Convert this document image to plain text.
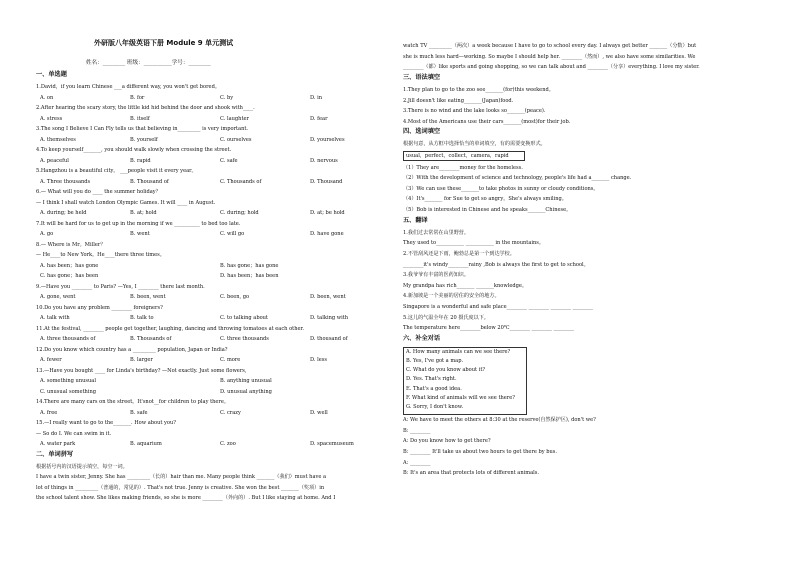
外研版八年级英语下册 Module 9 单元测试
姓名：________ 班级：__________学号：________
一、单选题
1.David，if you learn Chinese ___a different way, you won't get bored。
A. on	B. for	C. by	D. in
2.After hearing the scary story, the little kid hid behind the door and shook with____.
A. stress	B. itself	C. laughter	D. fear
3.The song I Believe I Can Fly tells us that believing in_________ is very important.
A. themselves	B. yourself	C. ourselves	D. yourselves
4.To keep yourself_______, you should walk slowly when crossing the street.
A. peaceful	B. rapid	C. safe	D. nervous
5.Hangzhou is a beautiful city。 ___people visit it every year。
A. Three thousands	B. Thousand of	C. Thousands of	D. Thousand
6.— What will you do ____ the summer holiday？
— I think I shall watch London Olympic Games. It will ____ in August.
A. during; be held	B. at; hold	C. during; hold	D. at; be hold
7.It will be hard for us to get up in the morning if we __________ to bed too late.
A. go	B. went	C. will go	D. have gone
8.— Where is Mr。Miller？
— He____to New York。He____there three times。
A. has been；has gone	B. has gone；has gone
C. has gone；has been	D. has been；has been
9.—Have you ________ to Paris? —Yes, I ________ there last month.
A. gone, went	B. been, went	C. been, go	D. been, went
10.Do you have any problem ________ foreigners?
A. talk with	B. talk to	C. to talking about	D. talking with
11.At the festival, ________ people get together, laughing, dancing and throwing tomatoes at each other.
A. three thousands of	B. Thousands of	C. three thousands	D. thousand of
12.Do you know which country has a _________ population, Japan or India?
A. fewer	B. larger	C. more	D. less
13.—Have you bought ____ for Linda's birthday? —Not exactly. Just some flowers,
A. something unusual	B. anything unusual
C. unusual something	D. unusual anything
14.There are many cars on the street。It'snot__for children to play there。
A. free	B. safe	C. crazy	D. well
15.—I really want to go to the_______. How about you?
— So do I. We can swim in it.
A. water park	B. aquarium	C. zoo	D. spacemuseum
二、单词拼写
根据括号内的汉语提示填空，每空一词。
I have a twin sister, Jenny. She has _________（长的）hair than me. Many people think _______（我们）must have a
lot of things in _________（普通的，常见的）. That's not true. Jenny is creative. She won the best _______（奖项）in
the school talent show. She likes making friends, so she is more ________（外向的）. But I like staying at home. And I
watch TV _________（两次）a week because I have to go to school every day. I always get better _______（分数）but
she is much less hard—working. So maybe I should help her. ________（然而）, we also have some similarities. We
________（都）like sports and going shopping, so we can talk about and ________（分享）everything. I love my sister.
三、语法填空
1.They plan to go to the zoo see_______(for)this weekend。
2.Jill doesn't like eating_______(Japan)food.
3.There is no wind and the lake looks so_______(peace).
4.Most of the Americans use their cars_______(most)for their job.
四、选词填空
根据句意，从方框中选择恰当的单词填空，有的需要变换形式。
usual，perfect，collect，camera，rapid
（1）They are________money for the homeless.
（2）With the development of science and technology, people's life had a_______ change.
（3）We can use these_______to take photos in sunny or cloudy conditions。
（4）It's_______ for Sue to get so angry。She's always smiling。
（5）Bob is interested in Chinese and he speaks_______Chinese。
五、翻译
1.我们过去常常在山里野营。
They used to___________ ___________ in the mountains。
2.不管刮风还是下雨，鲍勃总是第一个到达学校。
________it's windy________rainy ,Bob is always the first to get to school。
3.我爷爷有丰富的医药知识。
My grandpa has rich_______ _______knowledge。
4.新加坡是一个美丽的居住的安全的地方。
Singapore is a wonderful and safe place________ ________ ________ ________
5.这儿的气温全年在 20 摄氏度以下。
The temperature here________below 20℃________ ________ ________
六、补全对话
A. How many animals can we see there?
B. Yes, I've got a map.
C. What do you know about it?
D. Yes. That's right.
E. That's a good idea.
F. What kind of animals will we see there?
G. Sorry, I don't know.
A: We have to meet the others at 8:30 at the reserve(自然保护区), don't we?
B: ________
A: Do you know how to get there?
B: ________ It'll take us about two hours to get there by bus.
A: ________
B: It's an area that protects lots of different animals.
